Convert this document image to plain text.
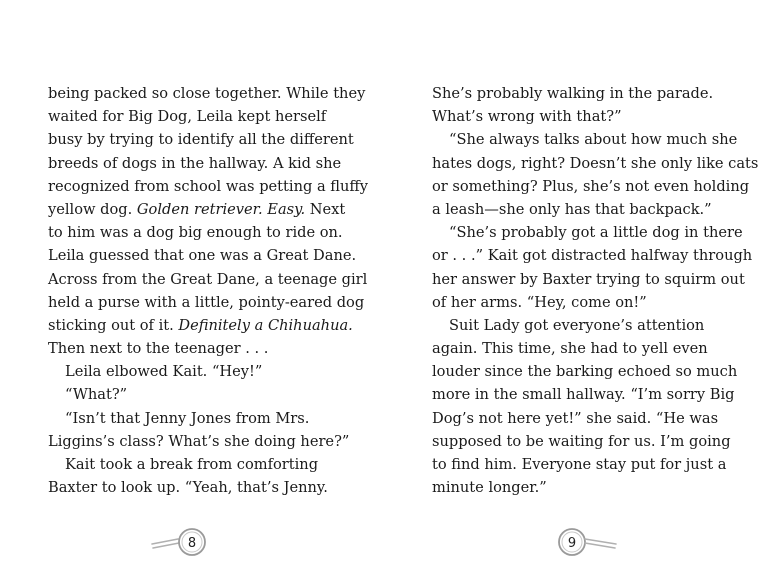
being packed so close together. While they
waited for Big Dog, Leila kept herself
busy by trying to identify all the different
breeds of dogs in the hallway. A kid she
recognized from school was petting a fluffy
yellow dog. Golden retriever. Easy. Next
to him was a dog big enough to ride on.
Leila guessed that one was a Great Dane.
Across from the Great Dane, a teenage girl
held a purse with a little, pointy-eared dog
sticking out of it. Definitely a Chihuahua.
Then next to the teenager . . .
Leila elbowed Kait. “Hey!”
“What?”
“Isn’t that Jenny Jones from Mrs.
Liggins’s class? What’s she doing here?”
Kait took a break from comforting
Baxter to look up. “Yeah, that’s Jenny.
8
She’s probably walking in the parade.
What’s wrong with that?”
“She always talks about how much she
hates dogs, right? Doesn’t she only like cats
or something? Plus, she’s not even holding
a leash—she only has that backpack.”
“She’s probably got a little dog in there
or . . .” Kait got distracted halfway through
her answer by Baxter trying to squirm out
of her arms. “Hey, come on!”
Suit Lady got everyone’s attention
again. This time, she had to yell even
louder since the barking echoed so much
more in the small hallway. “I’m sorry Big
Dog’s not here yet!” she said. “He was
supposed to be waiting for us. I’m going
to find him. Everyone stay put for just a
minute longer.”
9
